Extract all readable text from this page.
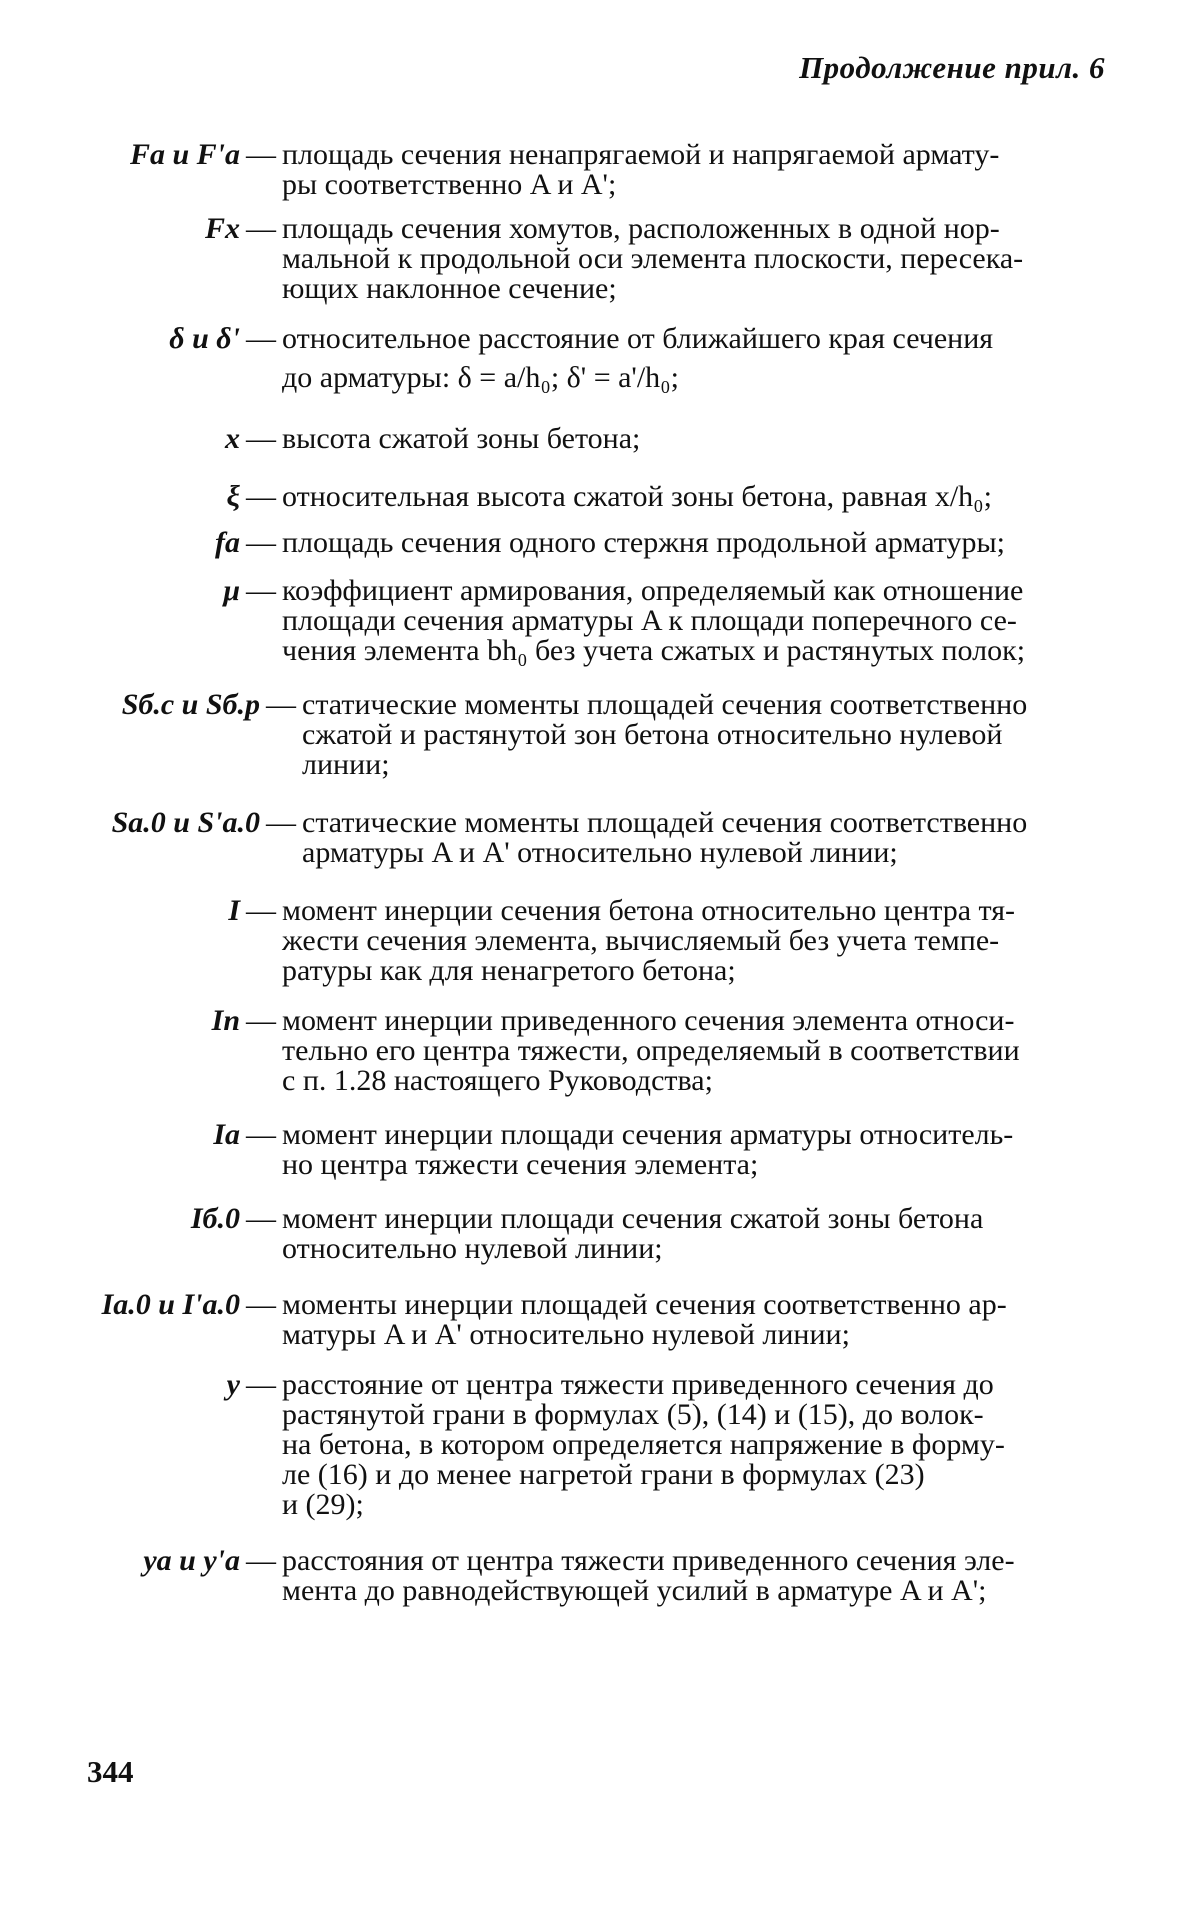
Продолжение прил. 6
Fа и F'а — площадь сечения ненапрягаемой и напрягаемой армату-
ры соответственно A и A';
Fх — площадь сечения хомутов, расположенных в одной нор-
мальной к продольной оси элемента плоскости, пересека-
ющих наклонное сечение;
δ и δ' — относительное расстояние от ближайшего края сечения
до арматуры: δ = a/h₀; δ' = a'/h₀;
x — высота сжатой зоны бетона;
ξ — относительная высота сжатой зоны бетона, равная x/h₀;
fа — площадь сечения одного стержня продольной арматуры;
μ — коэффициент армирования, определяемый как отношение
площади сечения арматуры A к площади поперечного се-
чения элемента bh₀ без учета сжатых и растянутых полок;
Sб.с и Sб.р — статические моменты площадей сечения соответственно
сжатой и растянутой зон бетона относительно нулевой
линии;
Sа.0 и S'а.0 — статические моменты площадей сечения соответственно
арматуры A и A' относительно нулевой линии;
I — момент инерции сечения бетона относительно центра тя-
жести сечения элемента, вычисляемый без учета темпе-
ратуры как для ненагретого бетона;
Iп — момент инерции приведенного сечения элемента относи-
тельно его центра тяжести, определяемый в соответствии
с п. 1.28 настоящего Руководства;
Iа — момент инерции площади сечения арматуры относитель-
но центра тяжести сечения элемента;
Iб.0 — момент инерции площади сечения сжатой зоны бетона
относительно нулевой линии;
Iа.0 и I'а.0 — моменты инерции площадей сечения соответственно ар-
матуры A и A' относительно нулевой линии;
y — расстояние от центра тяжести приведенного сечения до
растянутой грани в формулах (5), (14) и (15), до волок-
на бетона, в котором определяется напряжение в форму-
ле (16) и до менее нагретой грани в формулах (23)
и (29);
yа и y'а — расстояния от центра тяжести приведенного сечения эле-
мента до равнодействующей усилий в арматуре A и A';
344
